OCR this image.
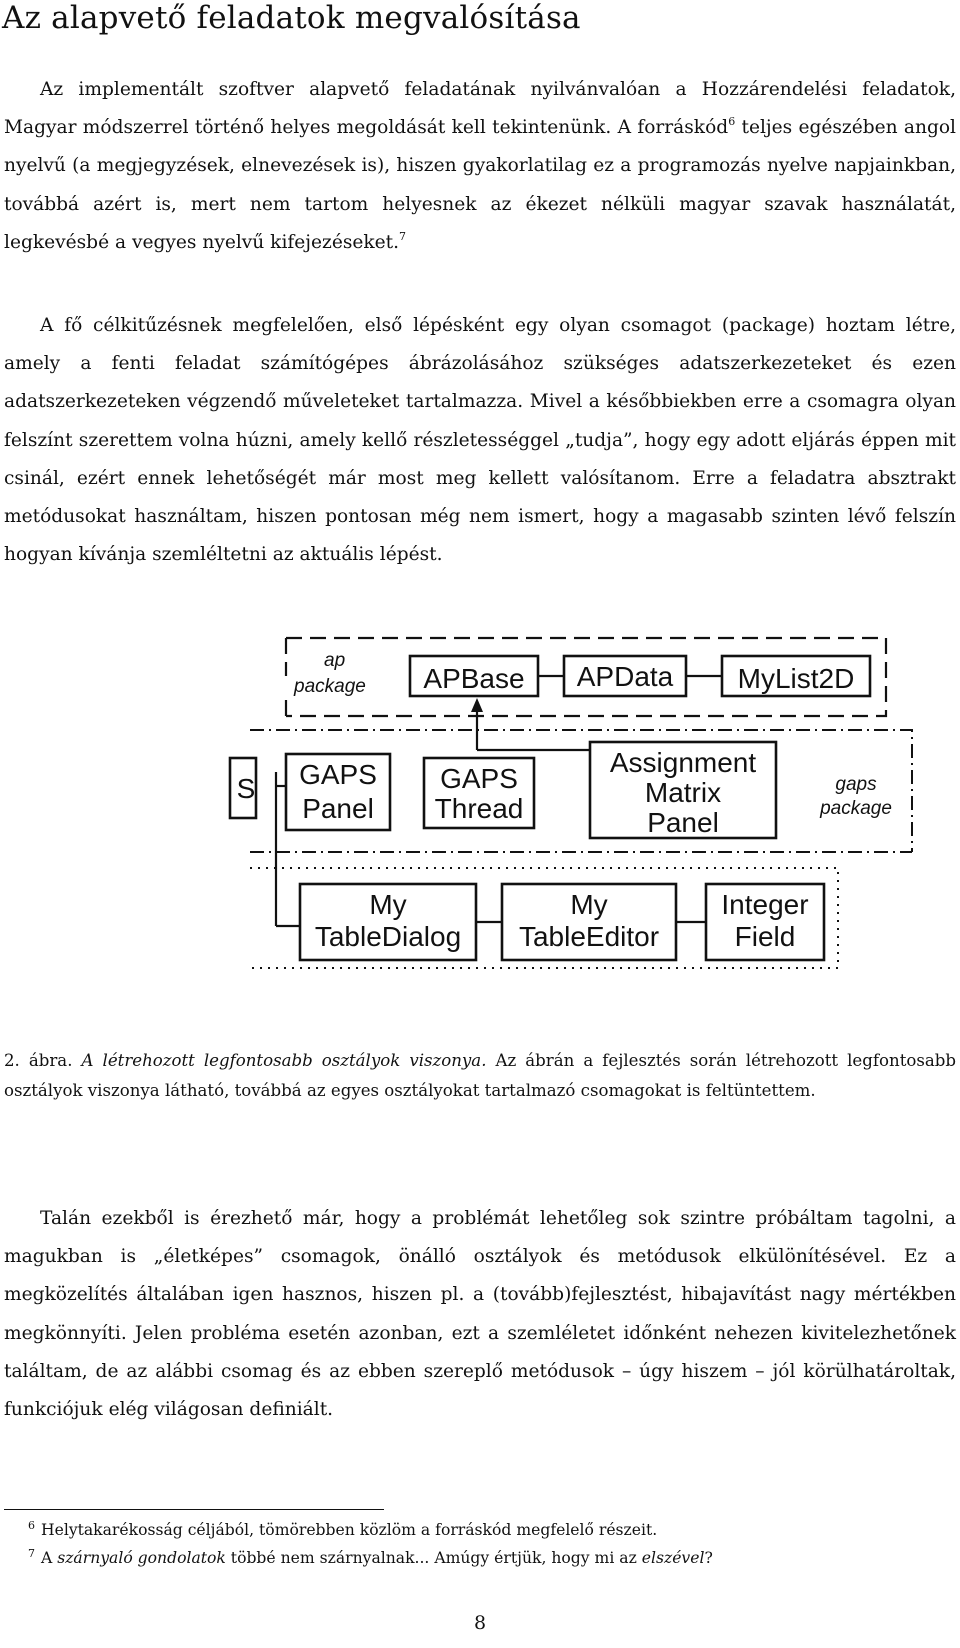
Az alapvető feladatok megvalósítása

Az implementált szoftver alapvető feladatának nyilvánvalóan a Hozzárendelési feladatok, Magyar módszerrel történő helyes megoldását kell tekintenünk. A forráskód$^6$ teljes egészében angol nyelvű (a megjegyzések, elnevezések is), hiszen gyakorlatilag ez a programozás nyelve napjainkban, továbbá azért is, mert nem tartom helyesnek az ékezet nélküli magyar szavak használatát, legkevésbé a vegyes nyelvű kifejezéseket.$^7$

A fő célkitűzésnek megfelelően, első lépésként egy olyan csomagot (package) hoztam létre, amely a fenti feladat számítógépes ábrázolásához szükséges adatszerkezeteket és ezen adatszerkezeteken végzendő műveleteket tartalmazza. Mivel a későbbiekben erre a csomagra olyan felszínt szerettem volna húzni, amely kellő részletességgel „tudja”, hogy egy adott eljárás éppen mit csinál, ezért ennek lehetőségét már most meg kellett valósítanom. Erre a feladatra absztrakt metódusokat használtam, hiszen pontosan még nem ismert, hogy a magasabb szinten lévő felszín hogyan kívánja szemléltetni az aktuális lépést.

ap
package APBase APData MyList2D
S GAPS
Panel
GAPS
Thread
Assignment
Matrix
Panel
gaps
package
My
TableDialog
My
TableEditor
Integer
Field

2. ábra. A létrehozott legfontosabb osztályok viszonya. Az ábrán a fejlesztés során létrehozott legfontosabb osztályok viszonya látható, továbbá az egyes osztályokat tartalmazó csomagokat is feltüntettem.

Talán ezekből is érezhető már, hogy a problémát lehetőleg sok szintre próbáltam tagolni, a magukban is „életképes” csomagok, önálló osztályok és metódusok elkülönítésével. Ez a megközelítés általában igen hasznos, hiszen pl. a (tovább)fejlesztést, hibajavítást nagy mértékben megkönnyíti. Jelen probléma esetén azonban, ezt a szemléletet időnként nehezen kivitelezhetőnek találtam, de az alábbi csomag és az ebben szereplő metódusok – úgy hiszem – jól körülhatároltak, funkciójuk elég világosan definiált.

$^6$ Helytakarékosság céljából, tömörebben közlöm a forráskód megfelelő részeit.

$^7$ A szárnyaló gondolatok többé nem szárnyalnak... Amúgy értjük, hogy mi az elszével?

8
